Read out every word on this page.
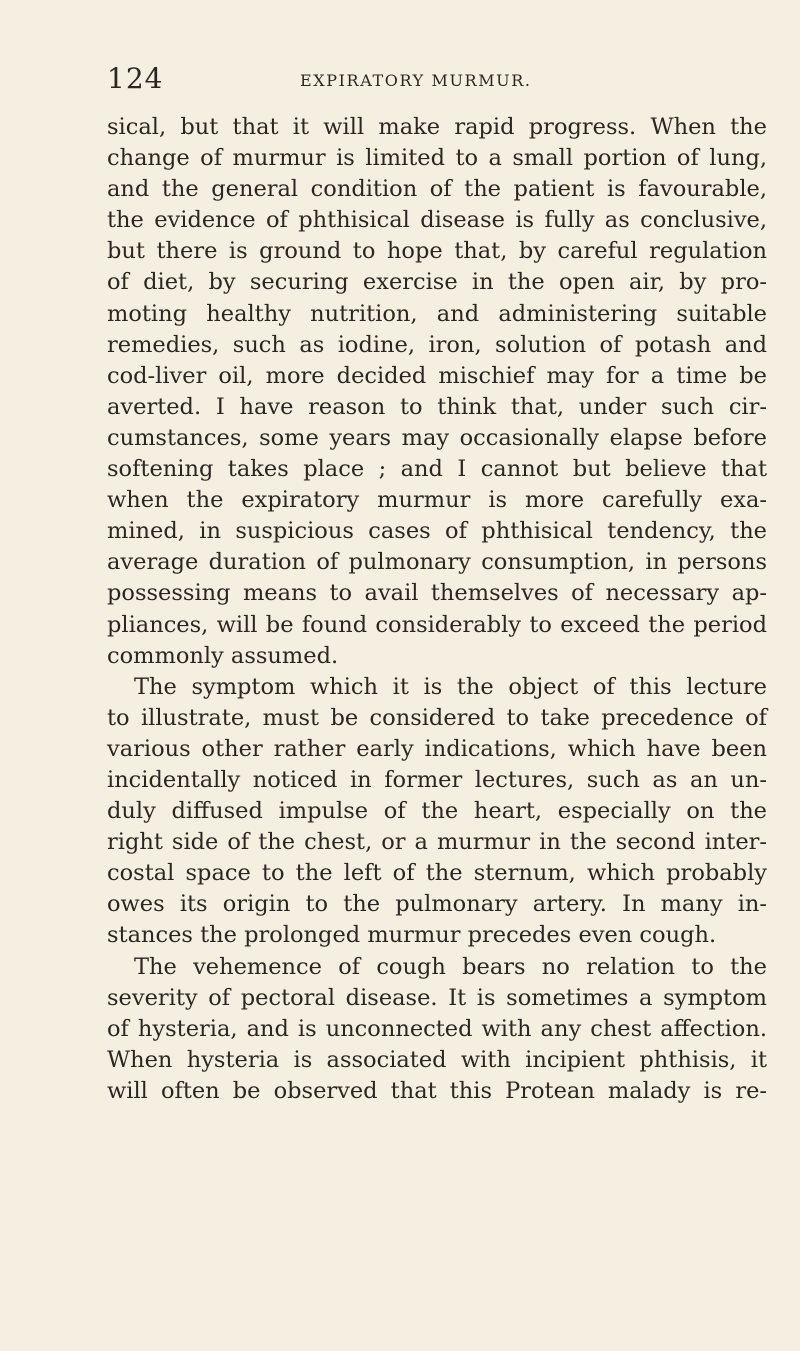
124	EXPIRATORY MURMUR.
sical, but that it will make rapid progress. When the
change of murmur is limited to a small portion of lung,
and the general condition of the patient is favourable,
the evidence of phthisical disease is fully as conclusive,
but there is ground to hope that, by careful regulation
of diet, by securing exercise in the open air, by pro-
moting healthy nutrition, and administering suitable
remedies, such as iodine, iron, solution of potash and
cod-liver oil, more decided mischief may for a time be
averted. I have reason to think that, under such cir-
cumstances, some years may occasionally elapse before
softening takes place ; and I cannot but believe that
when the expiratory murmur is more carefully exa-
mined, in suspicious cases of phthisical tendency, the
average duration of pulmonary consumption, in persons
possessing means to avail themselves of necessary ap-
pliances, will be found considerably to exceed the period
commonly assumed.
The symptom which it is the object of this lecture
to illustrate, must be considered to take precedence of
various other rather early indications, which have been
incidentally noticed in former lectures, such as an un-
duly diffused impulse of the heart, especially on the
right side of the chest, or a murmur in the second inter-
costal space to the left of the sternum, which probably
owes its origin to the pulmonary artery. In many in-
stances the prolonged murmur precedes even cough.
The vehemence of cough bears no relation to the
severity of pectoral disease. It is sometimes a symptom
of hysteria, and is unconnected with any chest affection.
When hysteria is associated with incipient phthisis, it
will often be observed that this Protean malady is re-
